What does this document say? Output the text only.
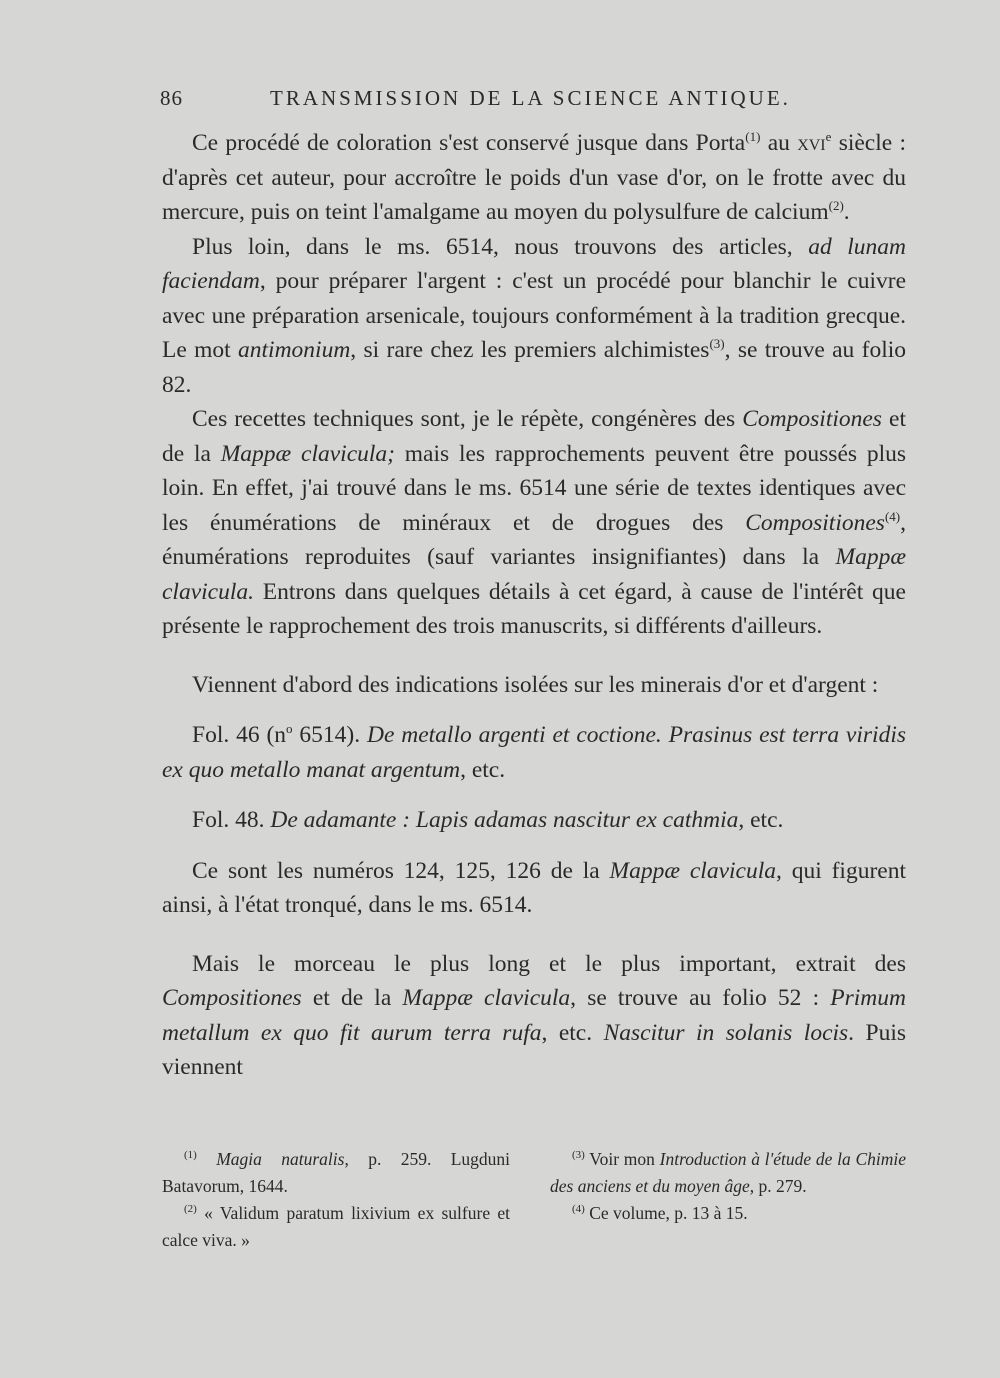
86	TRANSMISSION DE LA SCIENCE ANTIQUE.

Ce procédé de coloration s'est conservé jusque dans Porta$^{(1)}$ au xvi$^e$ siècle : d'après cet auteur, pour accroître le poids d'un vase d'or, on le frotte avec du mercure, puis on teint l'amalgame au moyen du polysulfure de calcium$^{(2)}$.

Plus loin, dans le ms. 6514, nous trouvons des articles, ad lunam faciendam, pour préparer l'argent : c'est un procédé pour blanchir le cuivre avec une préparation arsenicale, toujours conformément à la tradition grecque. Le mot antimonium, si rare chez les premiers alchimistes$^{(3)}$, se trouve au folio 82.

Ces recettes techniques sont, je le répète, congénères des Compositiones et de la Mappæ clavicula; mais les rapprochements peuvent être poussés plus loin. En effet, j'ai trouvé dans le ms. 6514 une série de textes identiques avec les énumérations de minéraux et de drogues des Compositiones$^{(4)}$, énumérations reproduites (sauf variantes insignifiantes) dans la Mappæ clavicula. Entrons dans quelques détails à cet égard, à cause de l'intérêt que présente le rapprochement des trois manuscrits, si différents d'ailleurs.

Viennent d'abord des indications isolées sur les minerais d'or et d'argent :

Fol. 46 ($n^o$ 6514). De metallo argenti et coctione. Prasinus est terra viridis ex quo metallo manat argentum, etc.

Fol. 48. De adamante : Lapis adamas nascitur ex cathmia, etc.

Ce sont les numéros 124, 125, 126 de la Mappæ clavicula, qui figurent ainsi, à l'état tronqué, dans le ms. 6514.

Mais le morceau le plus long et le plus important, extrait des Compositiones et de la Mappæ clavicula, se trouve au folio 52 : Primum metallum ex quo fit aurum terra rufa, etc. Nascitur in solanis locis. Puis viennent

$^{(1)}$ Magia naturalis, p. 259. Lugduni Batavorum, 1644.

$^{(2)}$ « Validum paratum lixivium ex sulfure et calce viva. »

$^{(3)}$ Voir mon Introduction à l'étude de la Chimie des anciens et du moyen âge, p. 279.

$^{(4)}$ Ce volume, p. 13 à 15.
